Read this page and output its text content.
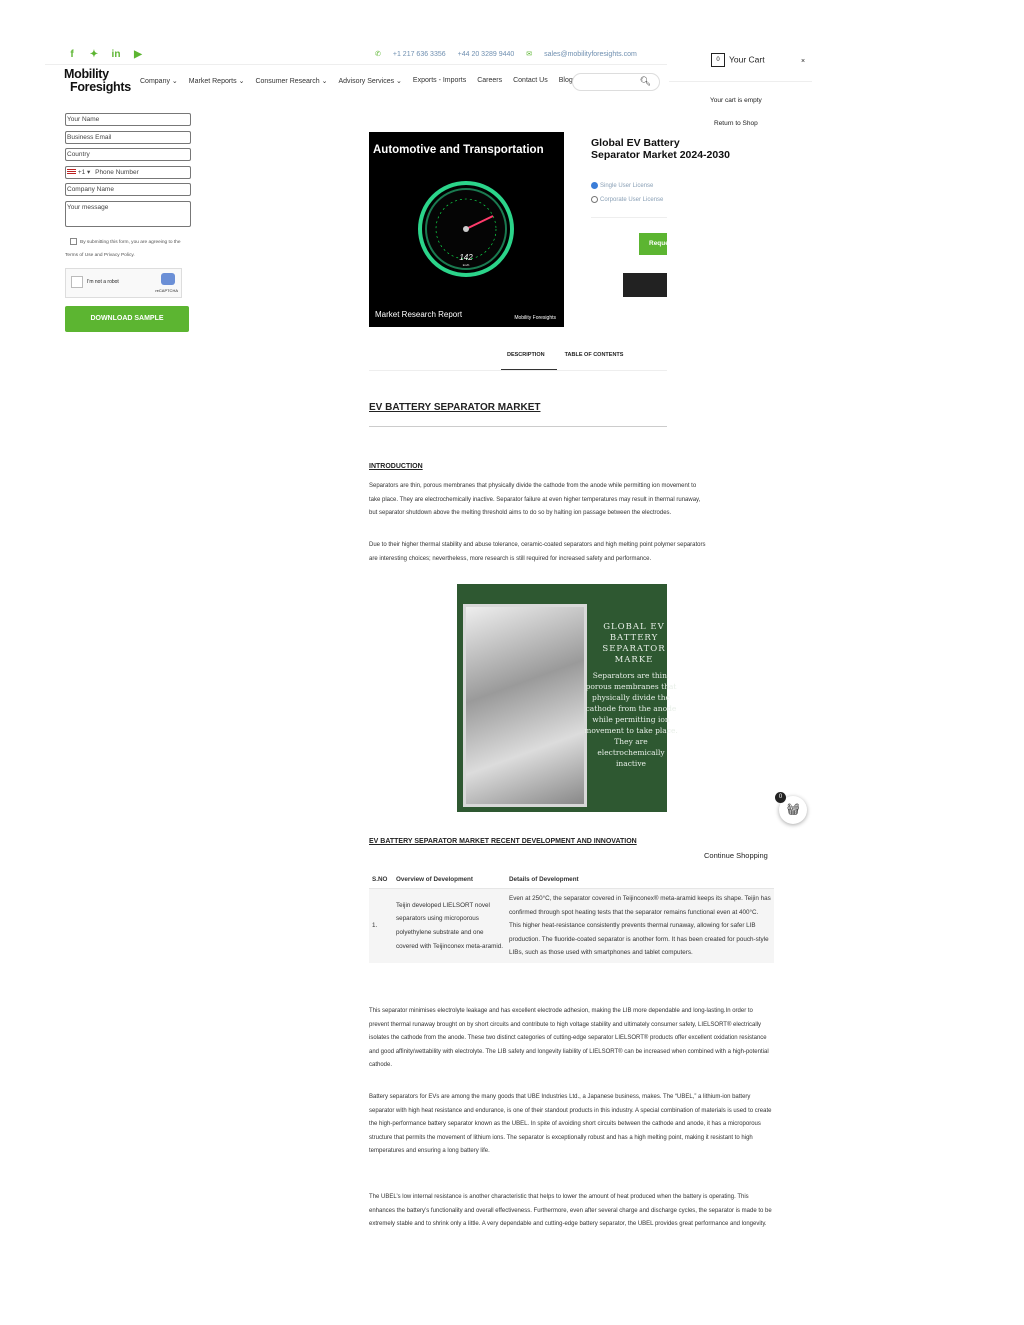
f	✦ in ▶	✆ +1 217 636 3356 +44 20 3289 9440 ✉ sales@mobilityforesights.com
Mobility
Foresights Company ⌄ Market Reports ⌄ Consumer Research ⌄ Advisory Services ⌄ Exports - Imports Careers Contact Us Blog	🔍︎
Your Name
Business Email
Country
+1 ▾ Phone Number
Company Name
Your message
By submitting this form, you are agreeing to the Terms of Use and Privacy Policy.
I'm not a robot
reCAPTCHA
DOWNLOAD SAMPLE
Automotive and Transportation
142
km/h
Market Research Report	Mobility Foresights
Global EV Battery Separator Market 2024-2030
Single User License
Corporate User License
Request
DESCRIPTION	TABLE OF CONTENTS
EV BATTERY SEPARATOR MARKET
INTRODUCTION
Separators are thin, porous membranes that physically divide the cathode from the anode while permitting ion movement to
take place. They are electrochemically inactive. Separator failure at even higher temperatures may result in thermal runaway,
but separator shutdown above the melting threshold aims to do so by halting ion passage between the electrodes.
Due to their higher thermal stability and abuse tolerance, ceramic-coated separators and high melting point polymer separators
are interesting choices; nevertheless, more research is still required for increased safety and performance.
GLOBAL EV BATTERY SEPARATOR MARKE
Separators are thin, porous membranes that physically divide the cathode from the anode while permitting ion movement to take place. They are electrochemically inactive
EV BATTERY SEPARATOR MARKET RECENT DEVELOPMENT AND INNOVATION
Continue Shopping
S.NO	Overview of Development	Details of Development
1.	Teijin developed LIELSORT novel separators using microporous polyethylene substrate and one covered with Teijinconex meta-aramid.	Even at 250°C, the separator covered in Teijinconex® meta-aramid keeps its shape. Teijin has confirmed through spot heating tests that the separator remains functional even at 400°C. This higher heat-resistance consistently prevents thermal runaway, allowing for safer LIB production. The fluoride-coated separator is another form. It has been created for pouch-style LIBs, such as those used with smartphones and tablet computers.
This separator minimises electrolyte leakage and has excellent electrode adhesion, making the LIB more dependable and long-lasting.In order to prevent thermal runaway brought on by short circuits and contribute to high voltage stability and ultimately consumer safety, LIELSORT® electrically isolates the cathode from the anode. These two distinct categories of cutting-edge separator LIELSORT® products offer excellent oxidation resistance and good affinity/wettability with electrolyte. The LIB safety and longevity liability of LIELSORT® can be increased when combined with a high-potential cathode.
Battery separators for EVs are among the many goods that UBE Industries Ltd., a Japanese business, makes. The “UBEL,” a lithium-ion battery separator with high heat resistance and endurance, is one of their standout products in this industry. A special combination of materials is used to create the high-performance battery separator known as the UBEL. In spite of avoiding short circuits between the cathode and anode, it has a microporous structure that permits the movement of lithium ions. The separator is exceptionally robust and has a high melting point, making it resistant to high temperatures and ensuring a long battery life.
The UBEL’s low internal resistance is another characteristic that helps to lower the amount of heat produced when the battery is operating. This enhances the battery’s functionality and overall effectiveness. Furthermore, even after several charge and discharge cycles, the separator is made to be extremely stable and to shrink only a little. A very dependable and cutting-edge battery separator, the UBEL provides great performance and longevity.
0 Your Cart	×
Your cart is empty
Return to Shop
🧺︎
0
